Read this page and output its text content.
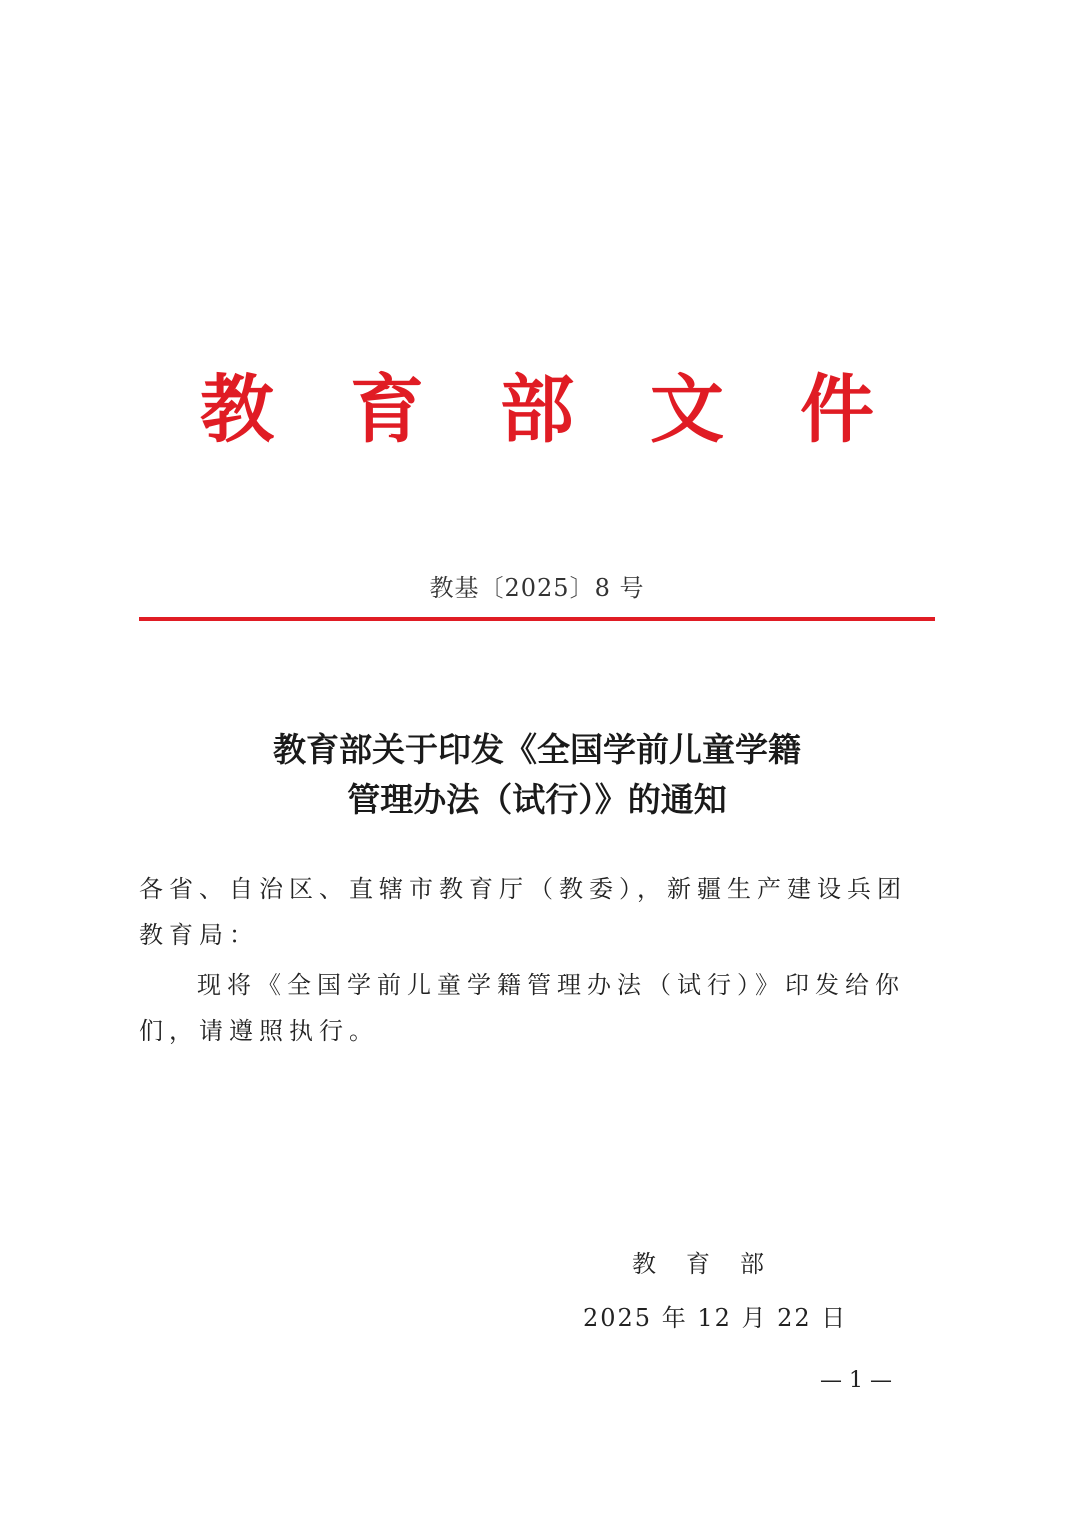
教 育 部 文 件
教基〔2025〕8 号
教育部关于印发《全国学前儿童学籍
管理办法（试行）》的通知
各省、自治区、直辖市教育厅（教委），新疆生产建设兵团教育局：
现将《全国学前儿童学籍管理办法（试行）》印发给你们，请遵照执行。
教育部
2025 年 12 月 22 日
— 1 —
